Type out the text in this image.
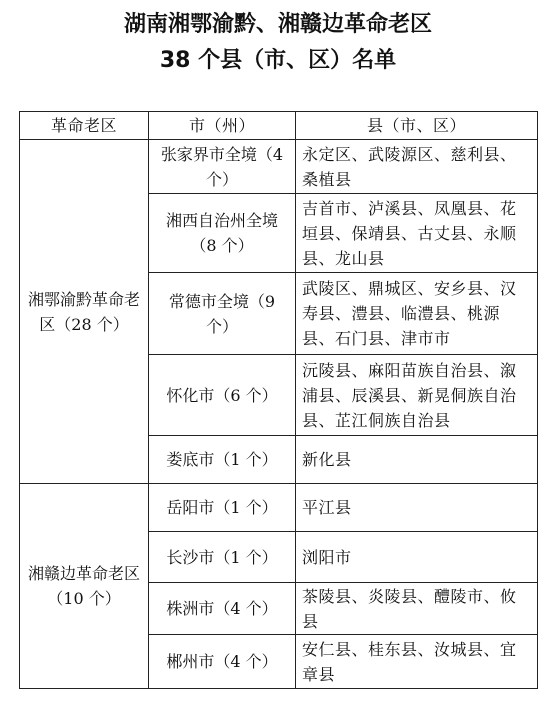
湖南湘鄂渝黔、湘赣边革命老区
38 个县（市、区）名单
革命老区	市（州）	县（市、区）
湘鄂渝黔革命老区（28 个）	张家界市全境（4 个）	永定区、武陵源区、慈利县、桑植县
	湘西自治州全境（8 个）	吉首市、泸溪县、凤凰县、花垣县、保靖县、古丈县、永顺县、龙山县
	常德市全境（9 个）	武陵区、鼎城区、安乡县、汉寿县、澧县、临澧县、桃源县、石门县、津市市
	怀化市（6 个）	沅陵县、麻阳苗族自治县、溆浦县、辰溪县、新晃侗族自治县、芷江侗族自治县
	娄底市（1 个）	新化县
湘赣边革命老区（10 个）	岳阳市（1 个）	平江县
	长沙市（1 个）	浏阳市
	株洲市（4 个）	茶陵县、炎陵县、醴陵市、攸县
	郴州市（4 个）	安仁县、桂东县、汝城县、宜章县
